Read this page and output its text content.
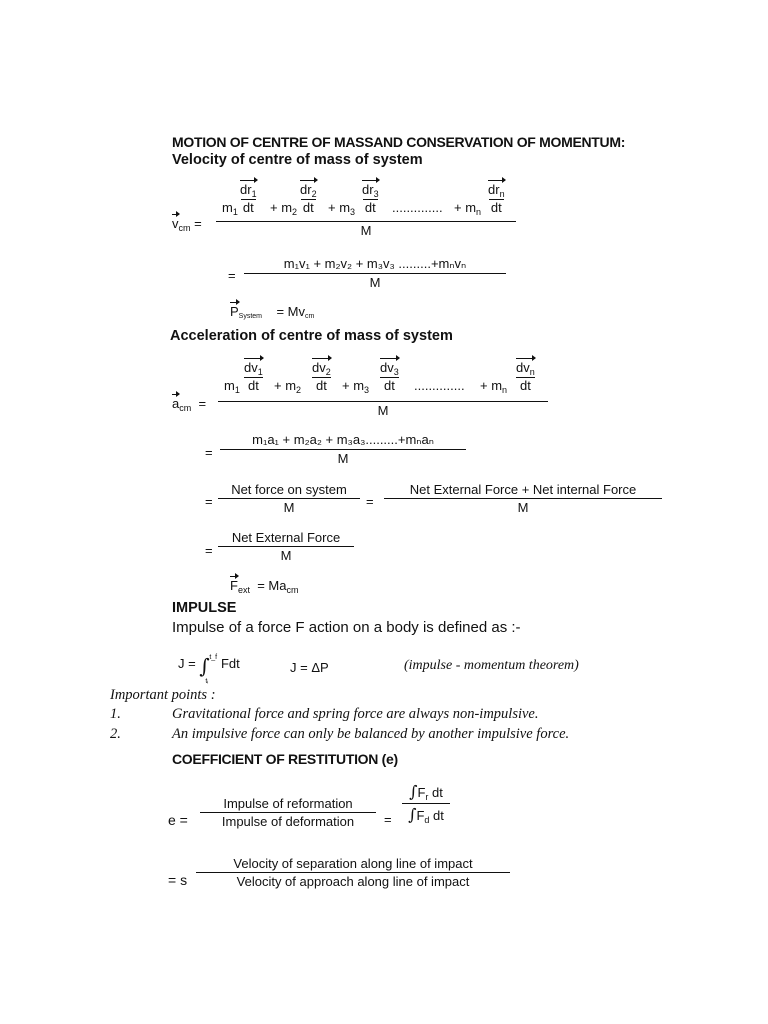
MOTION OF CENTRE OF MASSAND CONSERVATION OF MOMENTUM:
Velocity of centre of mass of system
$v_{cm}$ =
$m_1$
$dr_1$
dt + $m_2$
$dr_2$
dt + $m_3$
$dr_3$
dt .............. + $m_n$
$dr_n$
dt
M
=
m₁v₁ + m₂v₂ + m₃v₃ .........+mₙvₙ
M
PSystem = Mvcm
Acceleration of centre of mass of system
$a_{cm}$ =
$m_1$
$dv_1$
dt	+ $m_2$
$dv_2$
dt	+ $m_3$
$dv_3$
dt	.............. + $m_n$
$dv_n$
dt
M
=
m₁a₁ + m₂a₂ + m₃a₃.........+mₙaₙ
M
=
Net force on system
M	=
Net External Force + Net internal Force
M
=
Net External Force
M
$F_{ext} = Ma_{cm}$
IMPULSE
Impulse of a force F action on a body is defined as :-
J = ∫ t_f
tᵢ
Fdt	J = ΔP	(impulse - momentum theorem)
Important points :
1.	Gravitational force and spring force are always non-impulsive.
2.	An impulsive force can only be balanced by another impulsive force.
COEFFICIENT OF RESTITUTION (e)
e =
Impulse of reformation
Impulse of deformation	=
$\int F_r$ dt
$\int F_d$ dt
= s
Velocity of separation along line of impact
Velocity of approach along line of impact
